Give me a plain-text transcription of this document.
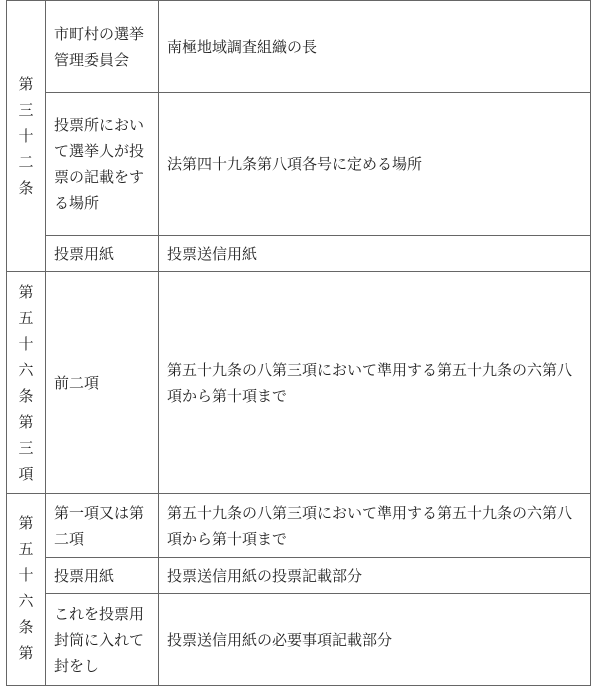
第三十二条	市町村の選挙管理委員会	南極地域調査組織の長

	投票所において選挙人が投票の記載をする場所	法第四十九条第八項各号に定める場所

	投票用紙	投票送信用紙

第五十六条第三項	前二項	第五十九条の八第三項において準用する第五十九条の六第八項から第十項まで

第五十六条第	第一項又は第二項	第五十九条の八第三項において準用する第五十九条の六第八項から第十項まで

	投票用紙	投票送信用紙の投票記載部分

	これを投票用封筒に入れて封をし	投票送信用紙の必要事項記載部分
